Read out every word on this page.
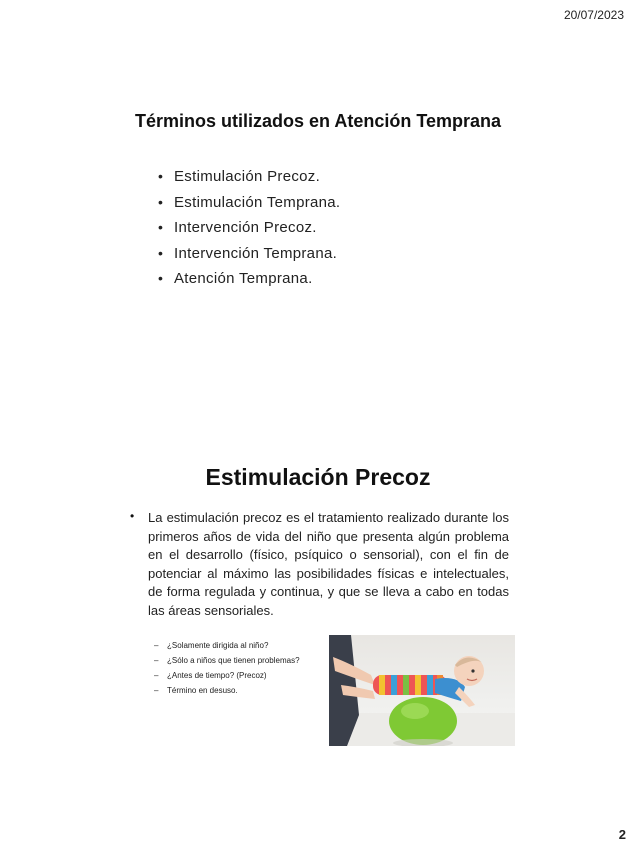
20/07/2023
Términos utilizados en Atención Temprana
• Estimulación Precoz.
• Estimulación Temprana.
• Intervención Precoz.
• Intervención Temprana.
• Atención Temprana.
Estimulación Precoz
• La estimulación precoz es el tratamiento realizado durante los primeros años de vida del niño que presenta algún problema en el desarrollo (físico, psíquico o sensorial), con el fin de potenciar al máximo las posibilidades físicas e intelectuales, de forma regulada y continua, y que se lleva a cabo en todas las áreas sensoriales.
– ¿Solamente dirigida al niño?
– ¿Sólo a niños que tienen problemas?
– ¿Antes de tiempo? (Precoz)
– Término en desuso.
2
